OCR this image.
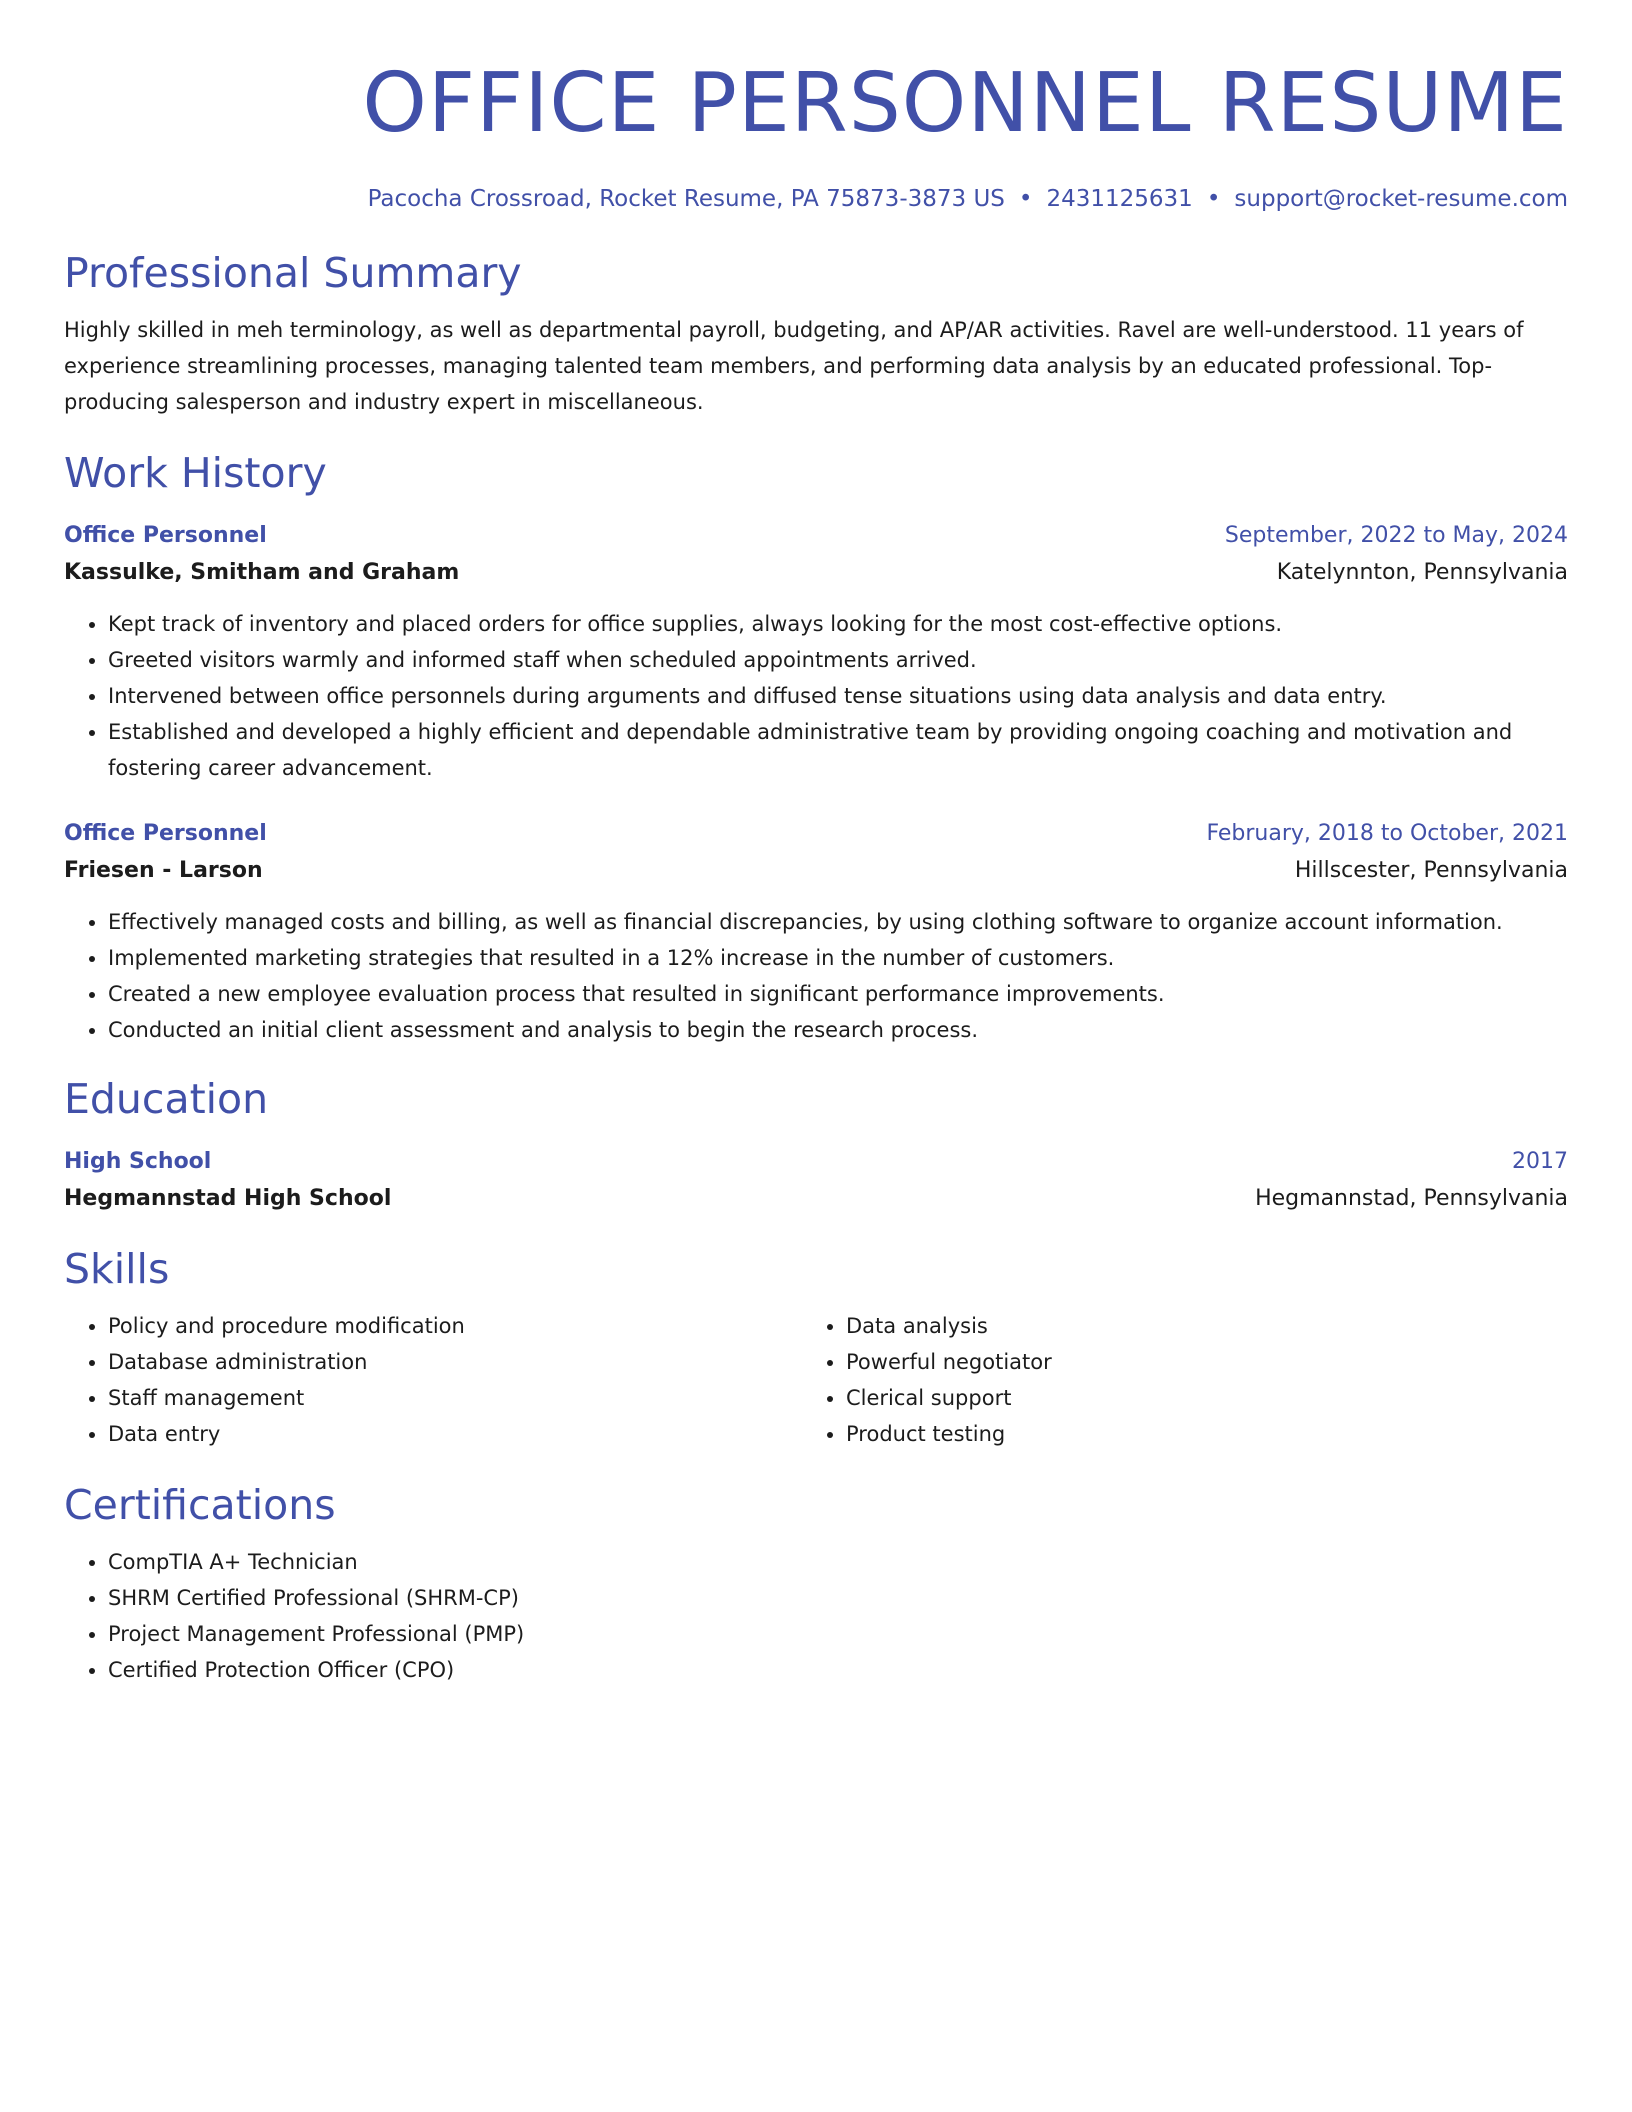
OFFICE PERSONNEL RESUME
Pacocha Crossroad, Rocket Resume, PA 75873-3873 US • 2431125631 • support@rocket-resume.com
Professional Summary

Highly skilled in meh terminology, as well as departmental payroll, budgeting, and AP/AR activities. Ravel are well-understood. 11 years of experience streamlining processes, managing talented team members, and performing data analysis by an educated professional. Top-producing salesperson and industry expert in miscellaneous.

Work History
Office Personnel	September, 2022 to May, 2024
Kassulke, Smitham and Graham	Katelynnton, Pennsylvania
• Kept track of inventory and placed orders for office supplies, always looking for the most cost-effective options.
• Greeted visitors warmly and informed staff when scheduled appointments arrived.
• Intervened between office personnels during arguments and diffused tense situations using data analysis and data entry.
• Established and developed a highly efficient and dependable administrative team by providing ongoing coaching and motivation and fostering career advancement.
Office Personnel	February, 2018 to October, 2021
Friesen - Larson	Hillscester, Pennsylvania
• Effectively managed costs and billing, as well as financial discrepancies, by using clothing software to organize account information.
• Implemented marketing strategies that resulted in a 12% increase in the number of customers.
• Created a new employee evaluation process that resulted in significant performance improvements.
• Conducted an initial client assessment and analysis to begin the research process.
Education
High School	2017
Hegmannstad High School	Hegmannstad, Pennsylvania
Skills
• Policy and procedure modification
• Database administration
• Staff management
• Data entry
• Data analysis
• Powerful negotiator
• Clerical support
• Product testing
Certifications
• CompTIA A+ Technician
• SHRM Certified Professional (SHRM-CP)
• Project Management Professional (PMP)
• Certified Protection Officer (CPO)
